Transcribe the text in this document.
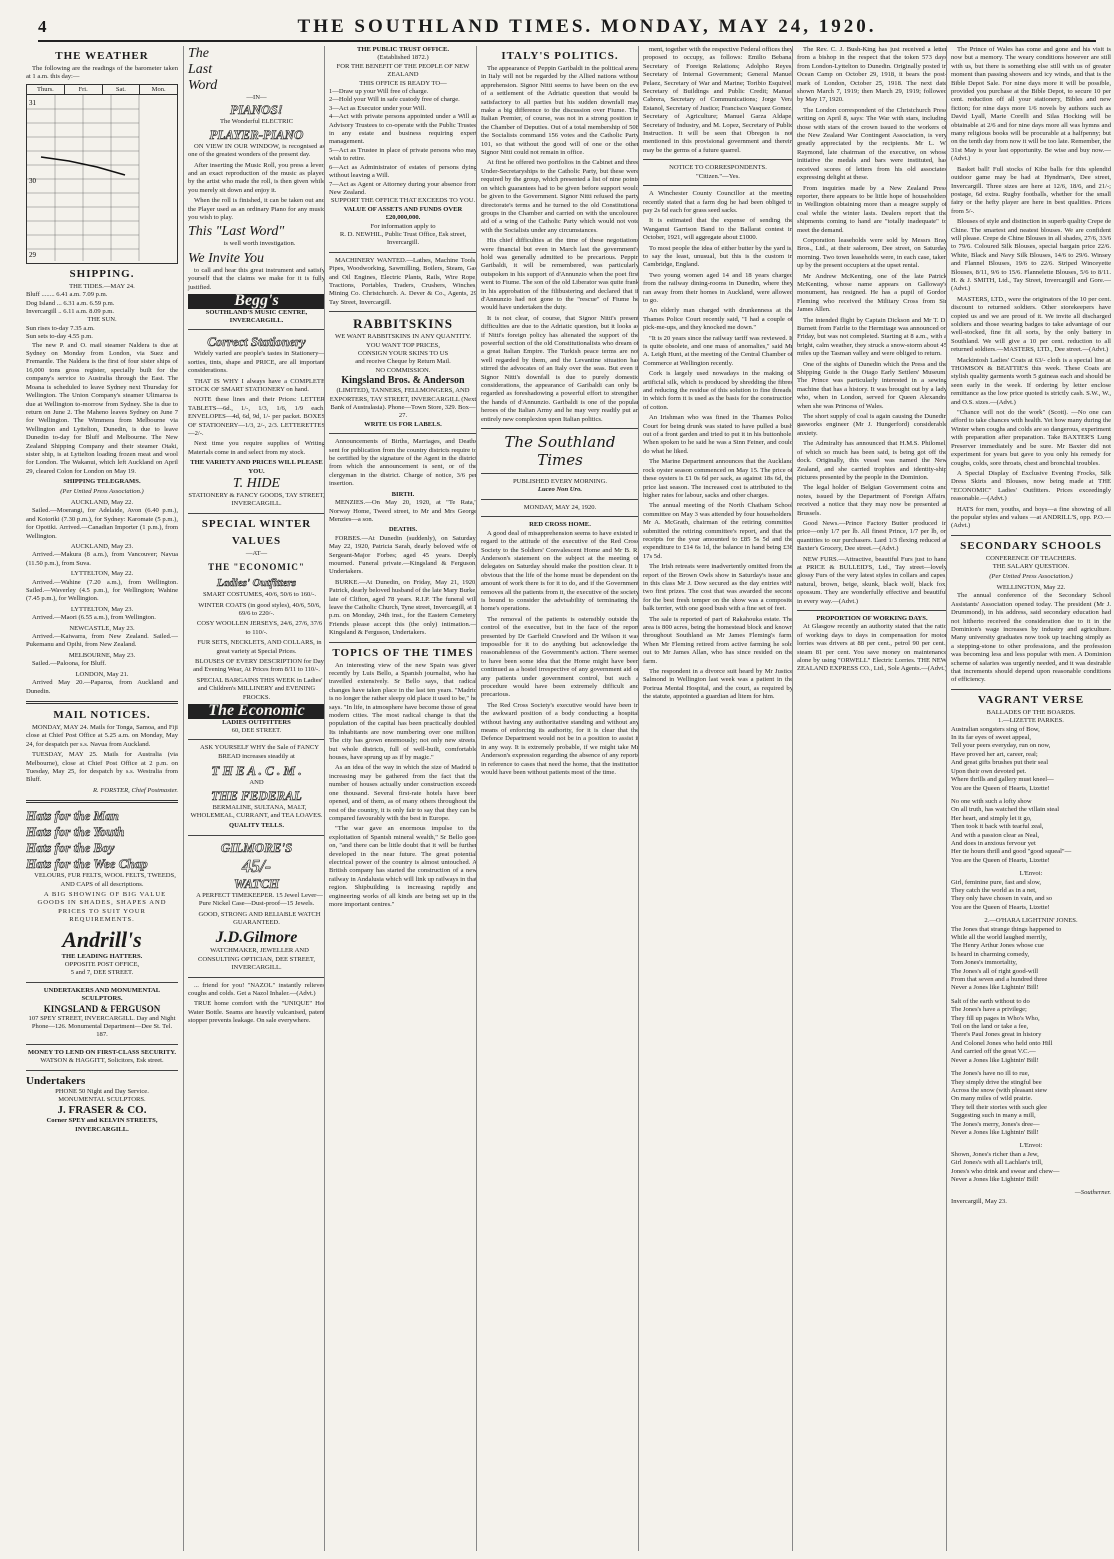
4	THE SOUTHLAND TIMES. MONDAY, MAY 24, 1920.
THE WEATHER

The following are the readings of the barometer taken at 1 a.m. this day:—

Thurs.	Fri.	Sat.	Mon.
31
30
29
SHIPPING.
THE TIDES.—MAY 24.
Bluff ........ 6.41 a.m. 7.09 p.m.
Dog Island ... 6.31 a.m. 6.59 p.m.
Invercargill .. 6.11 a.m. 8.09 p.m.
THE SUN.
Sun rises to-day 7.35 a.m.
Sun sets to-day 4.55 p.m.

The new P. and O. mail steamer Naldera is due at Sydney on Monday from London, via Suez and Fremantle. The Naldera is the first of four sister ships of 16,000 tons gross register, specially built for the company's service to Australia through the East. The Moana is scheduled to leave Sydney next Thursday for Wellington. The Union Company's steamer Ulimaroa is due at Wellington to-morrow from Sydney. She is due to return on June 2. The Maheno leaves Sydney on June 7 for Wellington. The Wimmera from Melbourne via Wellington and Lyttelton, Dunedin, is due to leave Dunedin to-day for Bluff and Melbourne. The New Zealand Shipping Company and their steamer Otaki, sister ship, is at Lyttelton loading frozen meat and wool for London. The Wakanui, which left Auckland on April 29, cleared Colon for London on May 19.

SHIPPING TELEGRAMS.
(Per United Press Association.)
AUCKLAND, May 22.

Sailed.—Moerangi, for Adelaide, Avon (6.40 p.m.), and Kotoriki (7.30 p.m.), for Sydney: Karomate (5 p.m.), for Opotiki. Arrived.—Canadian Importer (1 p.m.), from Wellington.

AUCKLAND, May 23.

Arrived.—Makura (8 a.m.), from Vancouver; Navua (11.50 p.m.), from Suva.

LYTTELTON, May 22.

Arrived.—Wahine (7.20 a.m.), from Wellington. Sailed.—Waverley (4.5 p.m.), for Wellington; Wahine (7.45 p.m.), for Wellington.

LYTTELTON, May 23.

Arrived.—Maori (6.55 a.m.), from Wellington.

NEWCASTLE, May 23.

Arrived.—Kaiwarra, from New Zealand. Sailed.—Pukemanu and Opihi, from New Zealand.

MELBOURNE, May 23.

Sailed.—Paloona, for Bluff.

LONDON, May 21.

Arrived May 20.—Paparoa, from Auckland and Dunedin.

MAIL NOTICES.

MONDAY, MAY 24. Mails for Tonga, Samoa, and Fiji close at Chief Post Office at 5.25 a.m. on Monday, May 24, for despatch per s.s. Navua from Auckland.

TUESDAY, MAY 25. Mails for Australia (via Melbourne), close at Chief Post Office at 2 p.m. on Tuesday, May 25, for despatch by s.s. Westralia from Bluff.

R. FORSTER, Chief Postmaster.
Hats for the Man
Hats for the Youth
Hats for the Boy
Hats for the Wee Chap

VELOURS, FUR FELTS, WOOL FELTS, TWEEDS, AND CAPS of all descriptions.

A BIG SHOWING OF BIG VALUE GOODS IN SHADES, SHAPES AND PRICES TO SUIT YOUR REQUIREMENTS.

Andrill's
THE LEADING HATTERS.
OPPOSITE POST OFFICE,
5 and 7, DEE STREET.
UNDERTAKERS AND MONUMENTAL SCULPTORS.
KINGSLAND & FERGUSON
107 SPEY STREET, INVERCARGILL. Day and Night Phone—126. Monumental Department—Dee St. Tel. 187.
MONEY TO LEND ON FIRST-CLASS SECURITY.
WATSON & HAGGITT, Solicitors, Esk street.
Undertakers
PHONE 50 Night and Day Service.
MONUMENTAL SCULPTORS.
J. FRASER & CO.
Corner SPEY and KELVIN STREETS, INVERCARGILL.
The
Last
Word
—IN—
PIANOS!
The Wonderful ELECTRIC
PLAYER-PIANO

ON VIEW IN OUR WINDOW, is recognised as one of the greatest wonders of the present day.

After inserting the Music Roll, you press a lever, and an exact reproduction of the music as played by the artist who made the roll, is then given while you merely sit down and enjoy it.

When the roll is finished, it can be taken out and the Player used as an ordinary Piano for any music you wish to play.

This "Last Word"

is well worth investigation.

We Invite You

to call and hear this great instrument and satisfy yourself that the claims we make for it is fully justified.

Begg's
SOUTHLAND'S MUSIC CENTRE, INVERCARGILL.
Correct Stationery

Widely varied are people's tastes in Stationery—sorties, tints, shape and PRICE, are all important considerations.

THAT IS WHY I always have a COMPLETE STOCK OF SMART STATIONERY on hand.

NOTE these lines and their Prices: LETTER TABLETS—6d., 1/-, 1/3, 1/6, 1/9 each. ENVELOPES—4d, 6d, 9d, 1/- per packet. BOXES OF STATIONERY—1/3, 2/-, 2/3. LETTERETTES—2/-.

Next time you require supplies of Writing Materials come in and select from my stock.

THE VARIETY AND PRICES WILL PLEASE YOU.
T. HIDE
STATIONERY & FANCY GOODS, TAY STREET, INVERCARGILL.
SPECIAL WINTER
VALUES
—AT—
THE "ECONOMIC"
Ladies' Outfitters

SMART COSTUMES, 40/6, 50/6 to 160/-.

WINTER COATS (in good styles), 40/6, 50/6, 69/6 to 220/-.

COSY WOOLLEN JERSEYS, 24/6, 27/6, 37/6 to 110/-.

FUR SETS, NECKLETS, AND COLLARS, in great variety at Special Prices.

BLOUSES OF EVERY DESCRIPTION for Day and Evening Wear, At Prices from 8/11 to 110/-.

SPECIAL BARGAINS THIS WEEK in Ladies' and Children's MILLINERY and EVENING FROCKS.

The Economic
LADIES OUTFITTERS
60, DEE STREET.

ASK YOURSELF WHY the Sale of FANCY BREAD increases steadily at

T H E A . C . M .
AND
THE FEDERAL

BERMALINE, SULTANA, MALT, WHOLEMEAL, CURRANT, and TEA LOAVES.

QUALITY TELLS.
GILMORE'S
45/-
WATCH

A PERFECT TIMEKEEPER. 15 Jewel Lever—Pure Nickel Case—Dust-proof—15 Jewels.

GOOD, STRONG AND RELIABLE WATCH GUARANTEED.

J.D.Gilmore

WATCHMAKER, JEWELLER AND CONSULTING OPTICIAN, DEE STREET, INVERCARGILL.

... friend for you! "NAZOL" instantly relieves coughs and colds. Get a Nazol Inhaler.—(Advt.)

TRUE home comfort with the "UNIQUE" Hot Water Bottle. Seams are heavily vulcanised, patent stopper prevents leakage. On sale everywhere.

THE PUBLIC TRUST OFFICE.
(Established 1872.)
FOR THE BENEFIT OF THE PEOPLE OF NEW ZEALAND
THIS OFFICE IS READY TO—
1—Draw up your Will free of charge.
2—Hold your Will in safe custody free of charge.
3—Act as Executor under your Will.
4—Act with private persons appointed under a Will as Advisory Trustees to co-operate with the Public Trustee in any estate and business requiring expert management.
5—Act as Trustee in place of private persons who may wish to retire.
6—Act as Administrator of estates of persons dying without leaving a Will.
7—Act as Agent or Attorney during your absence from New Zealand.
SUPPORT THE OFFICE THAT EXCEEDS TO YOU.
VALUE OF ASSETS AND FUNDS OVER £20,000,000.
For information apply to
R. D. NEWHIL, Public Trust Office, Esk street, Invercargill.

MACHINERY WANTED.—Lathes, Machine Tools, Pipes, Woodworking, Sawmilling, Boilers, Steam, Gas and Oil Engines, Electric Plants, Rails, Wire Rope, Tractions, Portables, Traders, Crushers, Winches, Mining Co. Christchurch. A. Dever & Co., Agents, 29 Tay Street, Invercargill.

RABBITSKINS
WE WANT RABBITSKINS IN ANY QUANTITY.
YOU WANT TOP PRICES,
CONSIGN YOUR SKINS TO US
and receive Cheque by Return Mail.
NO COMMISSION.
Kingsland Bros. & Anderson
(LIMITED), TANNERS, FELLMONGERS, AND EXPORTERS, TAY STREET, INVERCARGILL (Next Bank of Australasia). Phone—Town Store, 329. Box—27.
WRITE US FOR LABELS.

Announcements of Births, Marriages, and Deaths sent for publication from the country districts require to be certified by the signature of the Agent in the district from which the announcement is sent, or of the clergyman in the district. Charge of notice, 3/6 per insertion.

BIRTH.

MENZIES.—On May 20, 1920, at "Te Rata," Norway Home, Tweed street, to Mr and Mrs George Menzies—a son.

DEATHS.

FORBES.—At Dunedin (suddenly), on Saturday, May 22, 1920, Patricia Sarah, dearly beloved wife of Sergeant-Major Forbes; aged 45 years. Deeply mourned. Funeral private.—Kingsland & Ferguson, Undertakers.

BURKE.—At Dunedin, on Friday, May 21, 1920, Patrick, dearly beloved husband of the late Mary Burke, late of Clifton, aged 78 years. R.I.P. The funeral will leave the Catholic Church, Tyne street, Invercargill, at 1 p.m. on Monday, 24th inst., for the Eastern Cemetery. Friends please accept this (the only) intimation.—Kingsland & Ferguson, Undertakers.

TOPICS OF THE TIMES

An interesting view of the new Spain was given recently by Luis Bello, a Spanish journalist, who has travelled extensively. Sr Bello says, that radical changes have taken place in the last ten years. "Madrid is no longer the rather sleepy old place it used to be," he says. "In life, in atmosphere have become those of great modern cities. The most radical change is that the population of the capital has been practically doubled. Its inhabitants are now numbering over one million. The city has grown enormously; not only new streets, but whole districts, full of well-built, comfortable houses, have sprung up as if by magic."

As an idea of the way in which the size of Madrid is increasing may be gathered from the fact that the number of houses actually under construction exceeds one thousand. Several first-rate hotels have been opened, and of them, as of many others throughout the rest of the country, it is only fair to say that they can be compared favourably with the best in Europe.

"The war gave an enormous impulse to the exploitation of Spanish mineral wealth," Sr Bello goes on, "and there can be little doubt that it will be further developed in the near future. The great potential electrical power of the country is almost untouched. A British company has started the construction of a new railway in Andalusia which will link up railways in that region. Shipbuilding is increasing rapidly and engineering works of all kinds are being set up in the more important centres."

ITALY'S POLITICS.

The appearance of Peppin Garibaldi in the political arena in Italy will not be regarded by the Allied nations without apprehension. Signor Nitti seems to have been on the eve of a settlement of the Adriatic question that would be satisfactory to all parties but his sudden downfall may make a big difference to the discussion over Fiume. The Italian Premier, of course, was not in a strong position in the Chamber of Deputies. Out of a total membership of 508 the Socialists command 156 votes and the Catholic Party 101, so that without the good will of one or the other Signor Nitti could not remain in office.

At first he offered two portfolios in the Cabinet and three Under-Secretaryships to the Catholic Party, but these were required by the group, which presented a list of nine points on which guarantees had to be given before support would be given to the Government. Signor Nitti refused the party directorate's terms and he turned to the old Constitutional groups in the Chamber and carried on with the uncoloured aid of a wing of the Catholic Party which would not vote with the Socialists under any circumstances.

His chief difficulties at the time of these negotiations were financial but even in March last the government's hold was generally admitted to be precarious. Peppin Garibaldi, it will be remembered, was particularly outspoken in his support of d'Annunzio when the poet first went to Fiume. The son of the old Liberator was quite frank in his approbation of the filibustering and declared that if d'Annunzio had not gone to the "rescue" of Fiume he would have undertaken the duty.

It is not clear, of course, that Signor Nitti's present difficulties are due to the Adriatic question, but it looks as if Nitti's foreign policy has alienated the support of the powerful section of the old Constitutionalists who dream of a great Italian Empire. The Turkish peace terms are not well regarded by them, and the Levantine situation has stirred the advocates of an Italy over the seas. But even if Signor Nitti's downfall is due to purely domestic considerations, the appearance of Garibaldi can only be regarded as foreshadowing a powerful effort to strengthen the hands of d'Annunzio. Garibaldi is one of the popular heroes of the Italian Army and he may very readily put an entirely new complexion upon Italian politics.

The Southland Times
PUBLISHED EVERY MORNING.
Luceo Non Uro.
MONDAY, MAY 24, 1920.
RED CROSS HOME.

A good deal of misapprehension seems to have existed in regard to the attitude of the executive of the Red Cross Society to the Soldiers' Convalescent Home and Mr B. R. Anderson's statement on the subject at the meeting of delegates on Saturday should make the position clear. It is obvious that the life of the home must be dependent on the amount of work there is for it to do, and if the Government removes all the patients from it, the executive of the society is bound to consider the advisability of terminating the home's operations.

The removal of the patients is ostensibly outside the control of the executive, but in the face of the report presented by Dr Garfield Crawford and Dr Wilson it was impossible for it to do anything but acknowledge the reasonableness of the Government's action. There seemed to have been some idea that the Home might have been continued as a hostel irrespective of any government aid or any patients under government control, but such a procedure would have been extremely difficult and precarious.

The Red Cross Society's executive would have been in the awkward position of a body conducting a hospital without having any authoritative standing and without any means of enforcing its authority, for it is clear that the Defence Department would not be in a position to assist it in any way. It is extremely probable, if we might take Mr Anderson's expression regarding the absence of any reports in reference to cases that need the home, that the institution would have been without patients most of the time.

ment, together with the respective Federal offices they proposed to occupy, as follows: Emilio Bebana, Secretary of Foreign Relations; Adolpho Reyes, Secretary of Internal Government; General Manuel Pelaez, Secretary of War and Marine; Toribio Esquivel, Secretary of Buildings and Public Credit; Manuel Cabrera, Secretary of Communications; Jorge Vera Estanol, Secretary of Justice; Francisco Vasquez Gomez, Secretary of Agriculture; Manuel Garza Aldape, Secretary of Industry, and M. Lopez, Secretary of Public Instruction. It will be seen that Obregon is not mentioned in this provisional government and therein may be the germs of a future quarrel.

NOTICE TO CORRESPONDENTS.
"Citizen."—Yes.

A Winchester County Councillor at the meeting recently stated that a farm dog he had been obliged to pay 2s 6d each for grass seed sacks.

It is estimated that the expense of sending the Wanganui Garrison Band to the Ballarat contest in October, 1921, will aggregate about £1000.

To most people the idea of either butter by the yard is, to say the least, unusual, but this is the custom in Cambridge, England.

Two young women aged 14 and 18 years charged from the railway dining-rooms in Dunedin, where they ran away from their homes in Auckland, were allowed to go.

An elderly man charged with drunkenness at the Thames Police Court recently said, "I had a couple of pick-me-ups, and they knocked me down."

"It is 20 years since the railway tariff was reviewed. It is quite obsolete, and one mass of anomalies," said Mr A. Leigh Hunt, at the meeting of the Central Chamber of Commerce at Wellington recently.

Cork is largely used nowadays in the making of artificial silk, which is produced by shredding the fibres and reducing the residue of this solution to fine threads, in which form it is used as the basis for the construction of cotton.

An Irishman who was fined in the Thames Police Court for being drunk was stated to have pulled a bush out of a front garden and tried to put it in his buttonhole. When spoken to he said he was a Sinn Feiner, and could do what he liked.

The Marine Department announces that the Auckland rock oyster season commenced on May 15. The price of these oysters is £1 0s 6d per sack, as against 18s 6d, the price last season. The increased cost is attributed to the higher rates for labour, sacks and other charges.

The annual meeting of the North Chatham School committee on May 3 was attended by four householders. Mr A. McGrath, chairman of the retiring committee submitted the retiring committee's report, and that the receipts for the year amounted to £85 5s 5d and the expenditure to £14 6s 1d, the balance in hand being £38 17s 5d.

The Irish retreats were inadvertently omitted from the report of the Brown Owls show in Saturday's issue and in this class Mr J. Dow secured as the day entries with two first prizes. The cost that was awarded the second for the best fresh temper on the show was a composite balk terrier, with one good bush with a fine set of feet.

The sale is reported of part of Rakahouka estate. The area is 800 acres, being the homestead block and known throughout Southland as Mr James Fleming's farm. When Mr Fleming retired from active farming he sold out to Mr James Allan, who has since resided on the farm.

The respondent in a divorce suit heard by Mr Justice Salmond in Wellington last week was a patient in the Porirua Mental Hospital, and the court, as required by the statute, appointed a guardian ad litem for him.

The Rev. C. J. Bush-King has just received a letter from a bishop in the respect that the token 573 days from London-Lyttelton to Dunedin. Originally posted in Ocean Camp on October 29, 1918, it bears the post-mark of London, October 25, 1918. The next date shown March 7, 1919; then March 29, 1919; followed by May 17, 1920.

The London correspondent of the Christchurch Press writing on April 8, says: The War with stars, including those with stars of the crown issued to the workers of the New Zealand War Contingent Association, is very greatly appreciated by the recipients. Mr L. W. Raymond, late chairman of the executive, on whose initiative the medals and bars were instituted, has received scores of letters from his old associates expressing delight at these.

From inquiries made by a New Zealand Press reporter, there appears to be little hope of householders in Wellington obtaining more than a meagre supply of coal while the winter lasts. Dealers report that the shipments coming to hand are "totally inadequate" to meet the demand.

Corporation leaseholds were sold by Messrs Bray Bros., Ltd., at their saleroom, Dee street, on Saturday morning. Two town leaseholds were, in each case, taken up by the present occupiers at the upset rental.

Mr Andrew McKenting, one of the late Patrick McKenting, whose name appears on Galloway's monument, has resigned. He has a pupil of Gordon Fleming who received the Military Cross from Sir James Allen.

The intended flight by Captain Dickson and Mr T. D. Burnett from Fairlie to the Hermitage was announced on Friday, but was not completed. Starting at 8 a.m., with a bright, calm weather, they struck a snow-storm about 45 miles up the Tasman valley and were obliged to return.

One of the sights of Dunedin which the Press and the Shipping Guide is the Otago Early Settlers' Museum. The Prince was particularly interested in a sewing machine that has a history. It was brought out by a lady who, when in London, served for Queen Alexandra when she was Princess of Wales.

The short supply of coal is again causing the Dunedin gasworks engineer (Mr J. Hungerford) considerable anxiety.

The Admiralty has announced that H.M.S. Philomel, of which so much has been said, is being got off the dock. Originally, this vessel was named the New Zealand, and she carried trophies and identity-ship pictures presented by the people in the Dominion.

The legal holder of Belgian Government coins and notes, issued by the Department of Foreign Affairs, received a notice that they may now be presented at Brussels.

Good News.—Prince Factory Butter produced in price—only 1/7 per lb. All finest Prince, 1/7 per lb, on quantities to our purchasers. Lard 1/3 flexing reduced at Baxter's Grocery, Dee street.—(Advt.)

NEW FURS.—Attractive, beautiful Furs just to hand at PRICE & BULLEID'S, Ltd., Tay street—lovely glossy Furs of the very latest styles in collars and capes, natural, brown, beige, skunk, black wolf, black fox, opossum. They are wonderfully effective and beautiful in every way.—(Advt.)

PROPORTION OF WORKING DAYS.

At Glasgow recently an authority stated that the ratio of working days to days in compensation for motor lorries was drivers at 88 per cent., petrol 90 per cent., steam 81 per cent. You save money on maintenance alone by using "ORWELL" Electric Lorries. THE NEW ZEALAND EXPRESS CO., Ltd., Sole Agents.—(Advt.)

The Prince of Wales has come and gone and his visit is now but a memory. The weary conditions however are still with us, but there is something else still with us of greater moment than passing showers and icy winds, and that is the Bible Depot Sale. For nine days more it will be possible, provided you purchase at the Bible Depot, to secure 10 per cent. reduction off all your stationery, Bibles and new fiction; for nine days more 1/6 novels by authors such as David Lyall, Marie Corelli and Silas Hocking will be obtainable at 2/6 and for nine days more all was hymns and many religious books will be procurable at a halfpenny; but on the tenth day from now it will be too late. Remember, the 31st May is your last opportunity. Be wise and buy now.—(Advt.)

Basket ball! Full stocks of Kibe balls for this splendid outdoor game may be had at Hyndman's, Dee street, Invercargill. Three sizes are here at 12/6, 18/6, and 21/-; postage, 6d extra. Rugby footballs, whether for the small fairy or the hefty player are here in best qualities. Prices from 5/-.

Blouses of style and distinction in superb quality Crepe de Chine. The smartest and neatest blouses. We are confident will please. Crepe de Chine Blouses in all shades, 27/6, 33/6 to 79/6. Coloured Silk Blouses, special bargain price 22/6. White, Black and Navy Silk Blouses, 14/6 to 29/6. Winsey and Flannel Blouses, 19/6 to 22/6. Striped Winceyette Blouses, 8/11, 9/6 to 15/6. Flannelette Blouses, 5/6 to 8/11. H. & J. SMITH, Ltd., Tay Street, Invercargill and Gore.—(Advt.)

MASTERS, LTD., were the originators of the 10 per cent. discount to returned soldiers. Other storekeepers have copied us and we are proud of it. We invite all discharged soldiers and those wearing badges to take advantage of our well-stocked, fine fit all sorts, by the only battery in Southland. We will give a 10 per cent. reduction to all returned soldiers.—MASTERS, LTD., Dee street.—(Advt.)

Mackintosh Ladies' Coats at 63/- cloth is a special line at THOMSON & BEATTIE'S this week. These Coats are stylish quality garments worth 5 guineas each and should be seen early in the week. If ordering by letter enclose remittance as the low price quoted is strictly cash. S.W., W., and O.S. sizes.—(Advt.)

"Chance will not do the work" (Scott). —No one can afford to take chances with health. Yet how many during the Winter when coughs and colds are so dangerous, experiment with preparation after preparation. Take BAXTER'S Lung Preserver immediately and be sure. Mr Baxter did not experiment for years but gave to you only his remedy for coughs, colds, sore throats, chest and bronchial troubles.

A Special Display of Exclusive Evening Frocks, Silk Dress Skirts and Blouses, now being made at THE "ECONOMIC" Ladies' Outfitters. Prices exceedingly reasonable.—(Advt.)

HATS for men, youths, and boys—a fine showing of all the popular styles and values —at ANDRILL'S, opp. P.O.—(Advt.)

SECONDARY SCHOOLS
CONFERENCE OF TEACHERS.
THE SALARY QUESTION.
(Per United Press Association.)
WELLINGTON, May 22.

The annual conference of the Secondary School Assistants' Association opened today. The president (Mr J. Drummond), in his address, said secondary education had not hitherto received the consideration due to it in the Dominion's wage increases by industry and agriculture. Many university graduates now took up teaching simply as a stepping-stone to other professions, and the profession was becoming less and less popular with men. A Dominion scheme of salaries was urgently needed, and it was desirable that increments should depend upon reasonable conditions of efficiency.

VAGRANT VERSE
BALLADES OF THE BOARDS.
1.—LIZETTE PARKES.

Australian songsters sing of Bow,

In its far eyes of sweet appeal,

Tell your peers everyday, run on now,

Have proved her art, career, real;

And great gifts brushes put their seal

Upon their own devoted pet.

Where thrills and gallery must kneel—

You are the Queen of Hearts, Lizette!

No one with such a lofty show

On all truth, has watched the villain steal

Her heart, and simply let it go,

Then took it back with tearful zeal,

And with a passion clear as Neal,

And does in anxious fervour yet

Her tie hours thrill and good "good squeal"—

You are the Queen of Hearts, Lizette!

L'Envoi:

Girl, feminine pure, fast and slow,

They catch the world as in a net,

They only have chosen in vain, and so

You are the Queen of Hearts, Lizette!

2.—O'HARA LIGHTNIN' JONES.

The Jones that strange things happened to

While all the world laughed merrily,

The Henry Arthur Jones whose cue

Is heard in charming comedy,

Tom Jones's immortality,

The Jones's all of right good-will

From that seven and a hundred three

Never a Jones like Lightnin' Bill!

Salt of the earth without to do

The Jones's have a privilege;

They fill up pages in Who's Who,

Toil on the land or take a fee,

There's Paul Jones great in history

And Colonel Jones who held onto Hill

And carried off the great V.C.—

Never a Jones like Lightnin' Bill!

The Jones's have no ill to rue,

They simply drive the stingful bee

Across the snow (with pleasant stew

On many miles of wild prairie.

They tell their stories with such glee

Suggesting such in many a mill,

The Jones's merry, Jones's dree—

Never a Jones like Lightnin' Bill!

L'Envoi:

Shown, Jones's richer than a Jew,

Girl Jones's with all Lachlan's trill,

Jones's who drink and swear and chew—

Never a Jones like Lightnin' Bill!

—Southerner.
Invercargill, May 23.
